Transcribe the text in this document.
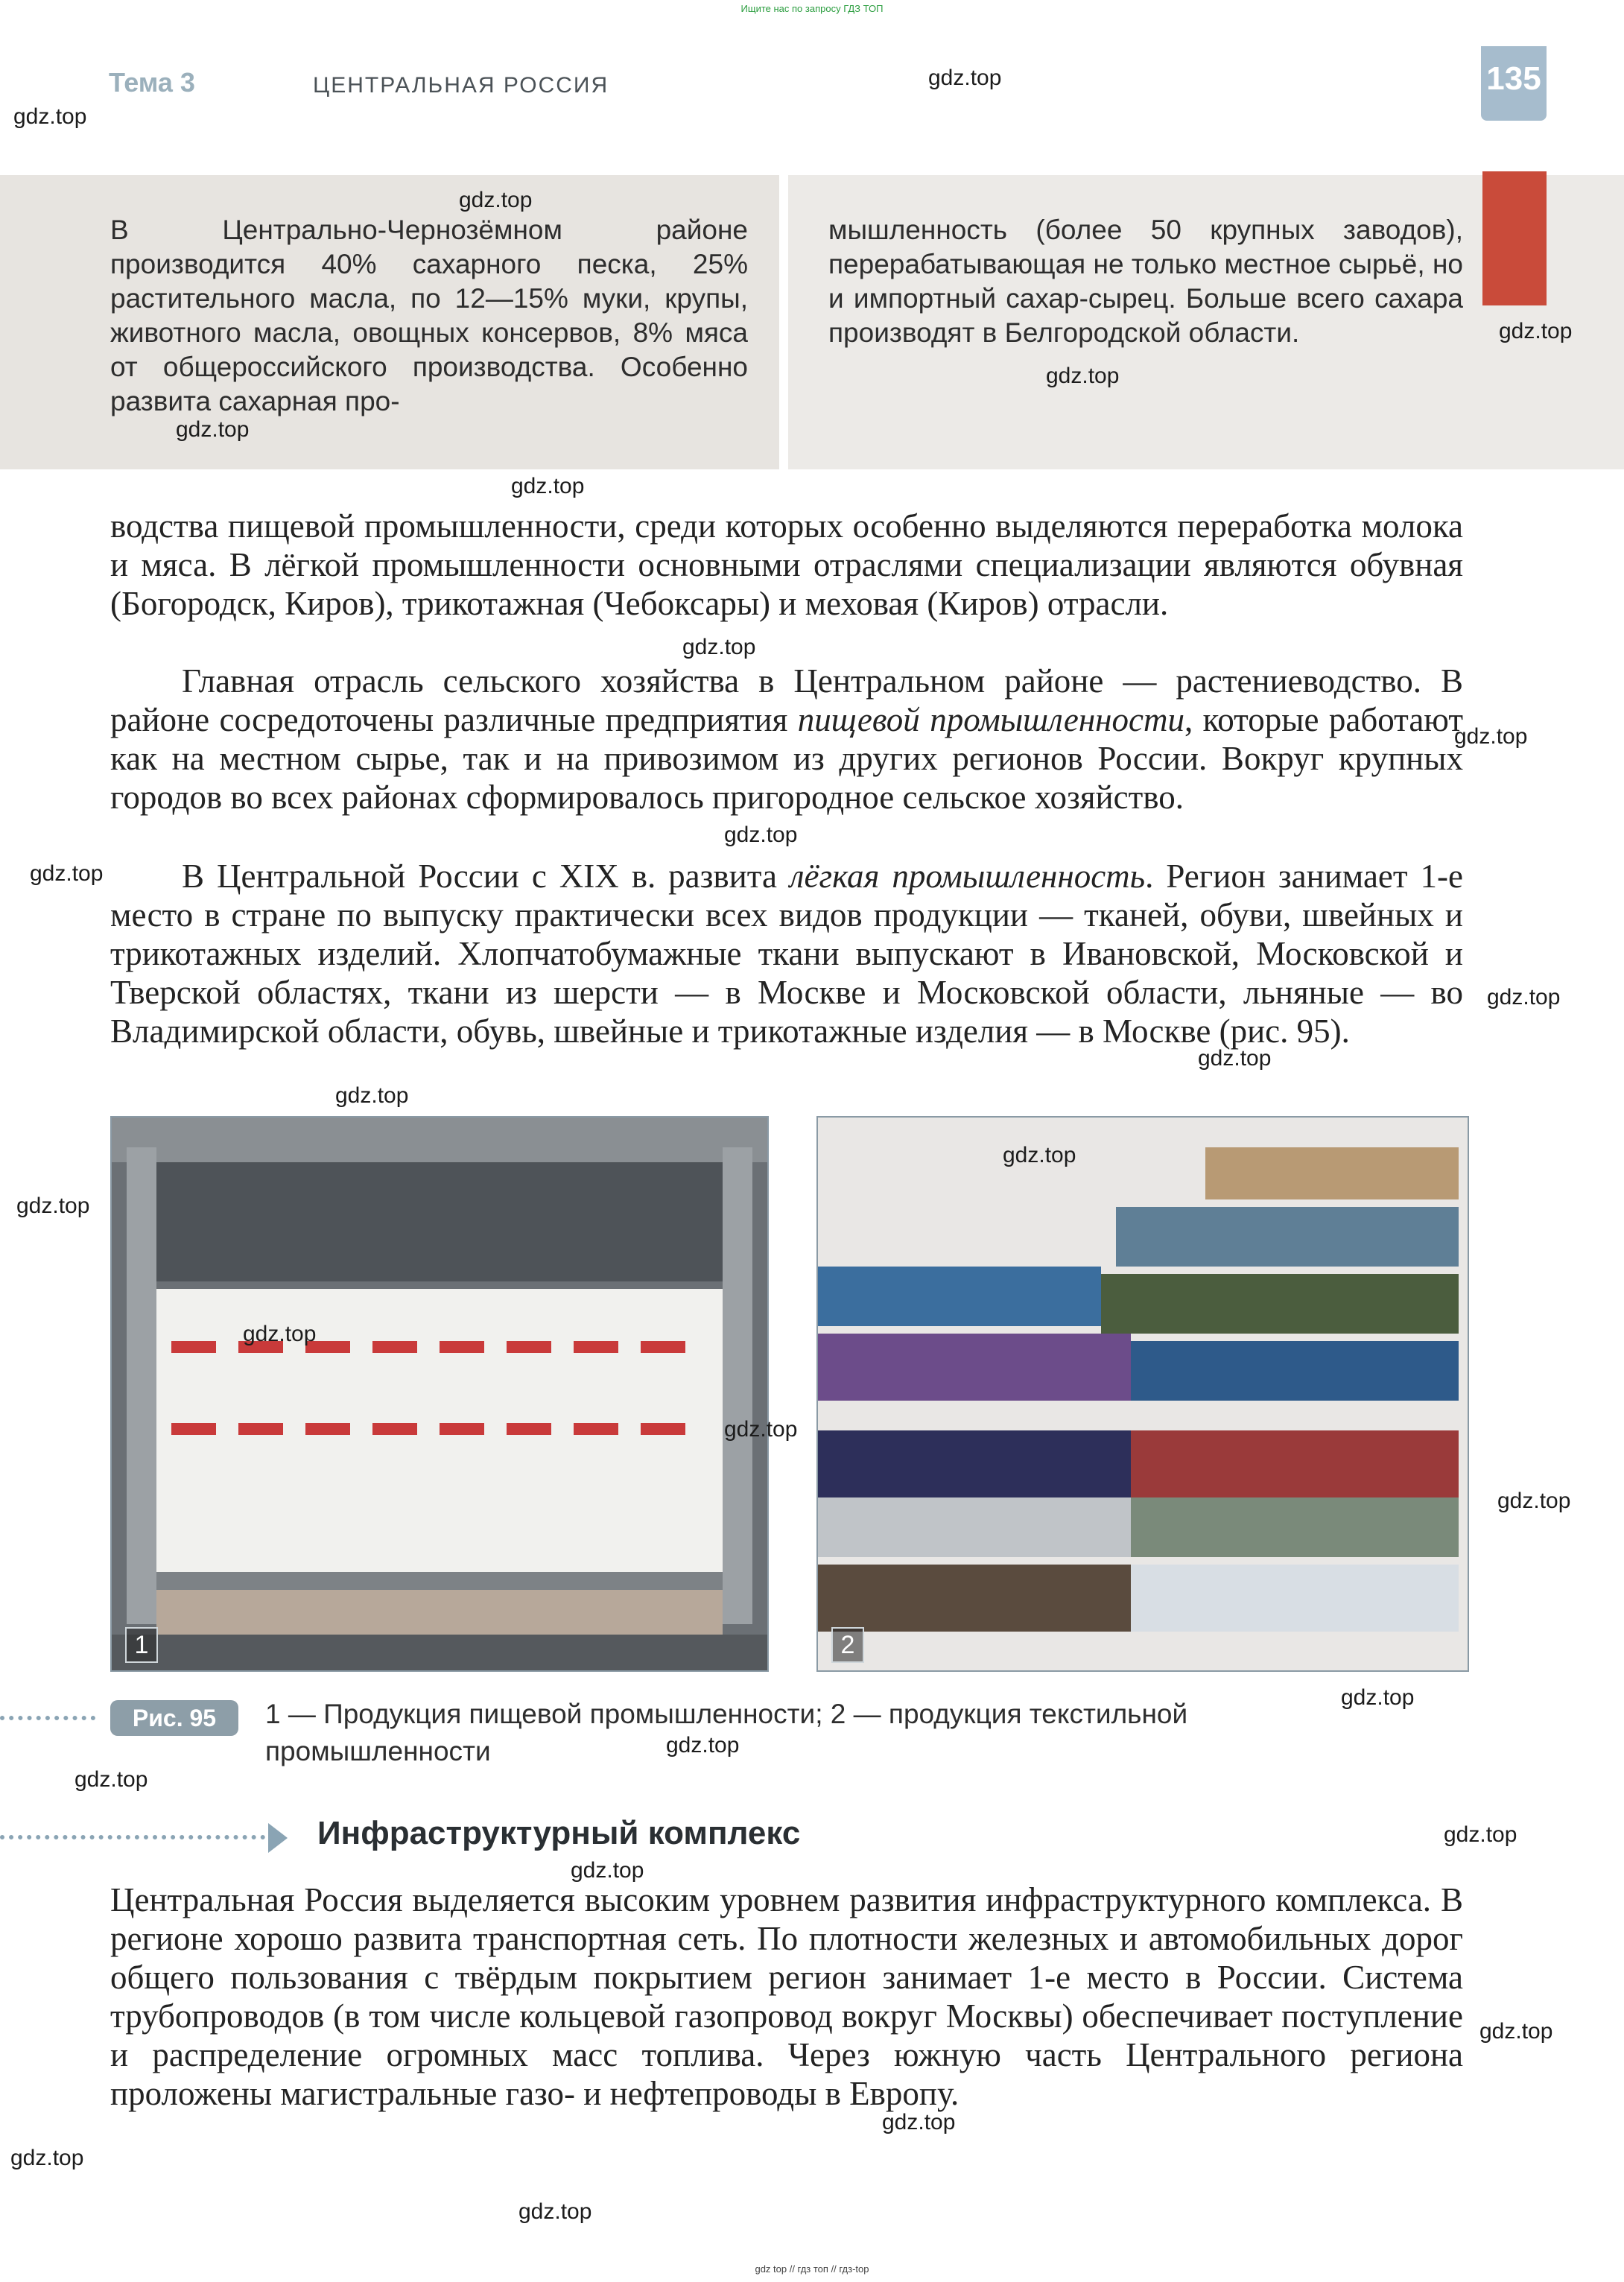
Ищите нас по запросу ГДЗ ТОП
Тема 3	ЦЕНТРАЛЬНАЯ РОССИЯ	135
В Центрально-Чернозёмном районе производится 40% сахарного песка, 25% растительного масла, по 12—15% муки, крупы, животного масла, овощных консервов, 8% мяса от общероссийского производства. Особенно развита сахарная про-
мышленность (более 50 крупных заводов), перерабатывающая не только местное сырьё, но и импортный сахар-сырец. Больше всего сахара производят в Белгородской области.
водства пищевой промышленности, среди которых особенно выделяются переработка молока и мяса. В лёгкой промышленности основными отраслями специализации являются обувная (Богородск, Киров), трикотажная (Чебоксары) и меховая (Киров) отрасли.
Главная отрасль сельского хозяйства в Центральном районе — растениеводство. В районе сосредоточены различные предприятия пищевой промышленности, которые работают как на местном сырье, так и на привозимом из других регионов России. Вокруг крупных городов во всех районах сформировалось пригородное сельское хозяйство.
В Центральной России с XIX в. развита лёгкая промышленность. Регион занимает 1-е место в стране по выпуску практически всех видов продукции — тканей, обуви, швейных и трикотажных изделий. Хлопчатобумажные ткани выпускают в Ивановской, Московской и Тверской областях, ткани из шерсти — в Москве и Московской области, льняные — во Владимирской области, обувь, швейные и трикотажные изделия — в Москве (рис. 95).
1	2
Рис. 95	1 — Продукция пищевой промышленности; 2 — продукция текстильной промышленности
Инфраструктурный комплекс
Центральная Россия выделяется высоким уровнем развития инфраструктурного комплекса. В регионе хорошо развита транспортная сеть. По плотности железных и автомобильных дорог общего пользования с твёрдым покрытием регион занимает 1-е место в России. Система трубопроводов (в том числе кольцевой газопровод вокруг Москвы) обеспечивает поступление и распределение огромных масс топлива. Через южную часть Центрального региона проложены магистральные газо- и нефтепроводы в Европу.
gdz.top
gdz.top
gdz.top
gdz.top
gdz.top
gdz.top
gdz.top
gdz.top
gdz.top
gdz.top
gdz.top
gdz.top
gdz.top
gdz.top
gdz.top
gdz.top
gdz.top
gdz.top
gdz.top
gdz.top
gdz.top
gdz.top
gdz.top
gdz.top
gdz.top
gdz.top
gdz.top
gdz.top
gdz top // гдз топ // гдз-top
